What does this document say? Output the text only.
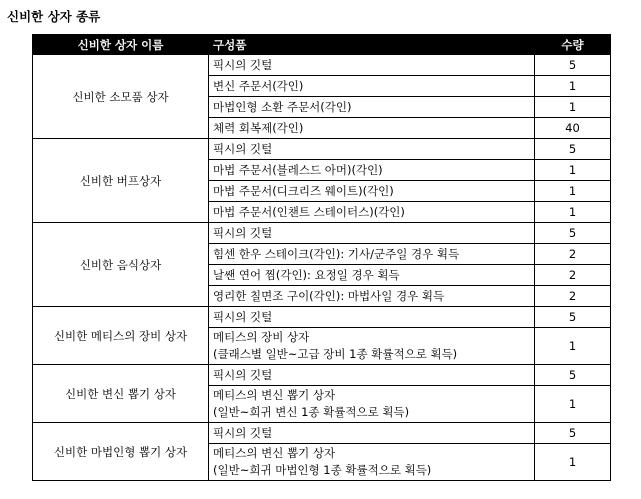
신비한 상자 종류
신비한 상자 이름	구성품	수량
신비한 소모품 상자	픽시의 깃털	5
	변신 주문서(각인)	1
	마법인형 소환 주문서(각인)	1
	체력 회복제(각인)	40
신비한 버프상자	픽시의 깃털	5
	마법 주문서(블레스드 아머)(각인)	1
	마법 주문서(디크리즈 웨이트)(각인)	1
	마법 주문서(인챈트 스테이터스)(각인)	1
신비한 음식상자	픽시의 깃털	5
	힘센 한우 스테이크(각인): 기사/군주일 경우 획득	2
	날쌘 연어 찜(각인): 요정일 경우 획득	2
	영리한 칠면조 구이(각인): 마법사일 경우 획득	2
신비한 메티스의 장비 상자	픽시의 깃털	5
	메티스의 장비 상자
(클래스별 일반~고급 장비 1종 확률적으로 획득)	1
신비한 변신 뽑기 상자	픽시의 깃털	5
	메티스의 변신 뽑기 상자
(일반~희귀 변신 1종 확률적으로 획득)	1
신비한 마법인형 뽑기 상자	픽시의 깃털	5
	메티스의 변신 뽑기 상자
(일반~희귀 마법인형 1종 확률적으로 획득)	1
